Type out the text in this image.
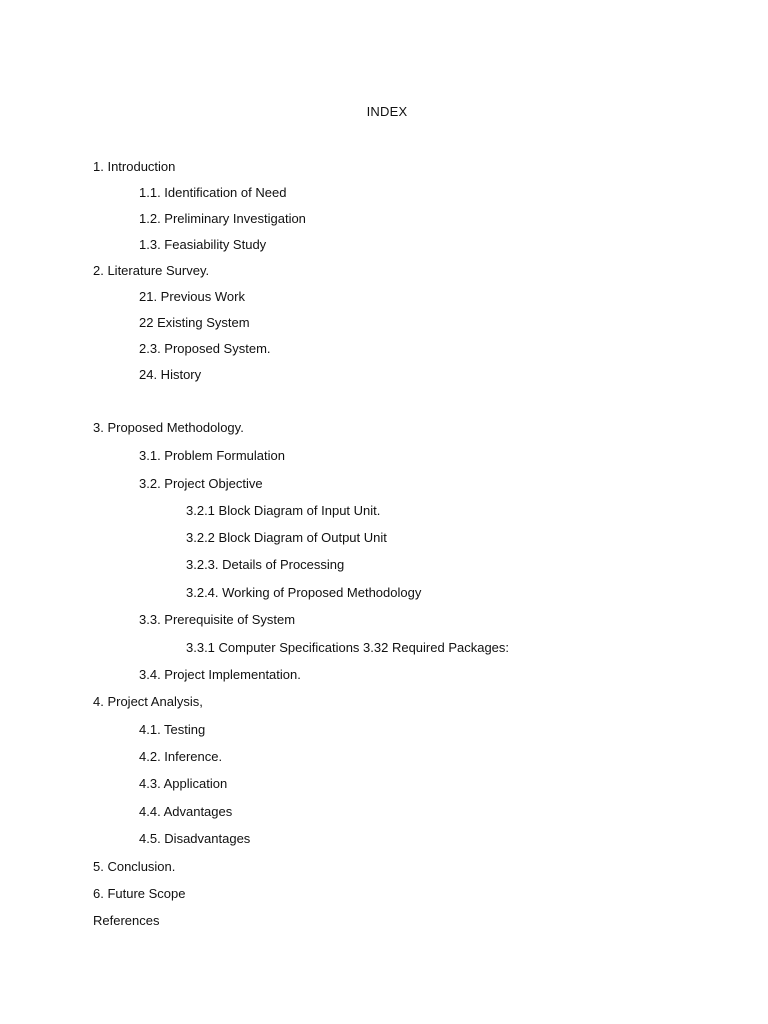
INDEX
1. Introduction
1.1. Identification of Need
1.2. Preliminary Investigation
1.3. Feasiability Study
2. Literature Survey.
21. Previous Work
22 Existing System
2.3. Proposed System.
24. History
3. Proposed Methodology.
3.1. Problem Formulation
3.2. Project Objective
3.2.1 Block Diagram of Input Unit.
3.2.2 Block Diagram of Output Unit
3.2.3. Details of Processing
3.2.4. Working of Proposed Methodology
3.3. Prerequisite of System
3.3.1 Computer Specifications 3.32 Required Packages:
3.4. Project Implementation.
4. Project Analysis,
4.1. Testing
4.2. Inference.
4.3. Application
4.4. Advantages
4.5. Disadvantages
5. Conclusion.
6. Future Scope
References
